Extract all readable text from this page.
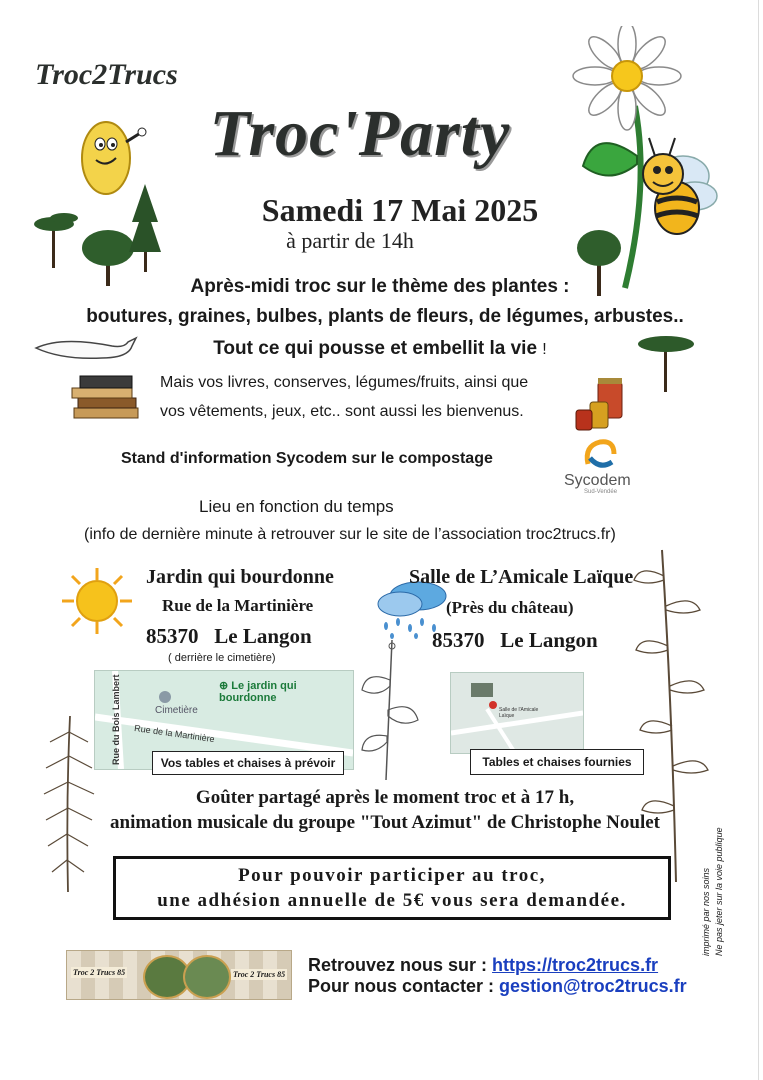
Troc2Trucs
Troc'Party
Samedi 17 Mai 2025
à partir de 14h
Après-midi troc sur le thème des plantes :
boutures, graines, bulbes, plants de fleurs, de légumes, arbustes..
Tout ce qui pousse et embellit la vie !
Mais vos livres, conserves, légumes/fruits, ainsi que
vos vêtements, jeux, etc.. sont aussi les bienvenus.
Stand d'information Sycodem sur le compostage
Sycodem
Sud-Vendée
Lieu en fonction du temps
(info de dernière minute à retrouver sur le site de l’association troc2trucs.fr)
Jardin qui bourdonne
Rue de la Martinière
85370 Le Langon
( derrière le cimetière)
⊕ Le jardin qui bourdonne
Cimetière
Rue de la Martinière
Rue du Bois Lambert	Vos tables et chaises à prévoir
Salle de L’Amicale Laïque
(Près du château)
85370 Le Langon
Salle de l'Amicale Laïque
Tables et chaises fournies
Goûter partagé après le moment troc et à 17 h,
animation musicale du groupe "Tout Azimut" de Christophe Noulet
Pour pouvoir participer au troc,
une adhésion annuelle de 5€ vous sera demandée.	imprimé par nos soins Ne pas jeter sur la voie publique
Troc 2 Trucs 85	Troc 2 Trucs 85 Retrouvez nous sur : https://troc2trucs.fr
Pour nous contacter : gestion@troc2trucs.fr
